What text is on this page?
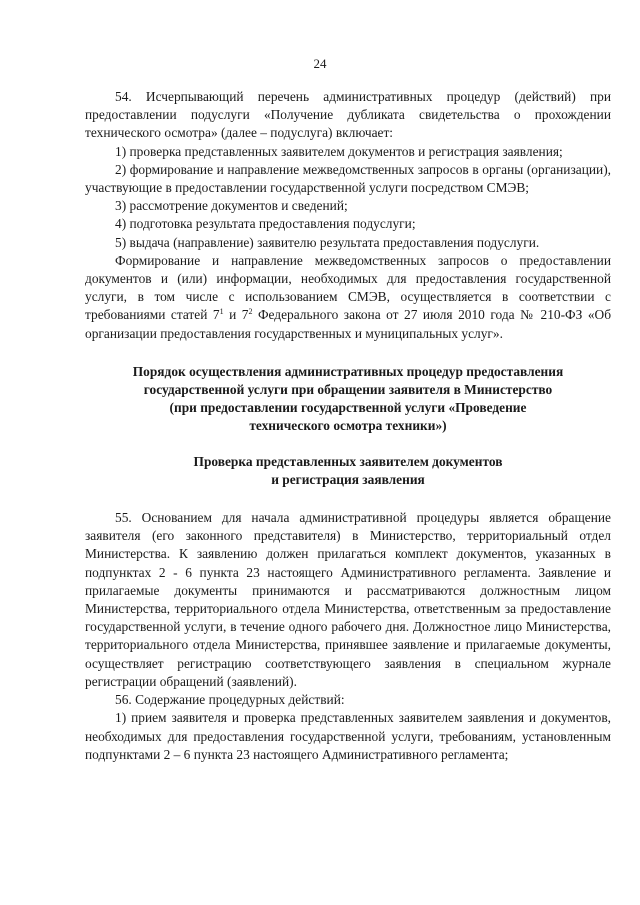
24

54. Исчерпывающий перечень административных процедур (действий) при предоставлении подуслуги «Получение дубликата свидетельства о прохождении технического осмотра» (далее – подуслуга) включает:

1) проверка представленных заявителем документов и регистрация заявления;

2) формирование и направление межведомственных запросов в органы (организации), участвующие в предоставлении государственной услуги посредством СМЭВ;

3) рассмотрение документов и сведений;

4) подготовка результата предоставления подуслуги;

5) выдача (направление) заявителю результата предоставления подуслуги.

Формирование и направление межведомственных запросов о предоставлении документов и (или) информации, необходимых для предоставления государственной услуги, в том числе с использованием СМЭВ, осуществляется в соответствии с требованиями статей $7^1$ и $7^2$ Федерального закона от 27 июля 2010 года № 210-ФЗ «Об организации предоставления государственных и муниципальных услуг».

Порядок осуществления административных процедур предоставления

государственной услуги при обращении заявителя в Министерство

(при предоставлении государственной услуги «Проведение

технического осмотра техники»)

Проверка представленных заявителем документов

и регистрация заявления

55. Основанием для начала административной процедуры является обращение заявителя (его законного представителя) в Министерство, территориальный отдел Министерства. К заявлению должен прилагаться комплект документов, указанных в подпунктах 2 - 6 пункта 23 настоящего Административного регламента. Заявление и прилагаемые документы принимаются и рассматриваются должностным лицом Министерства, территориального отдела Министерства, ответственным за предоставление государственной услуги, в течение одного рабочего дня. Должностное лицо Министерства, территориального отдела Министерства, принявшее заявление и прилагаемые документы, осуществляет регистрацию соответствующего заявления в специальном журнале регистрации обращений (заявлений).

56. Содержание процедурных действий:

1) прием заявителя и проверка представленных заявителем заявления и документов, необходимых для предоставления государственной услуги, требованиям, установленным подпунктами 2 – 6 пункта 23 настоящего Административного регламента;
